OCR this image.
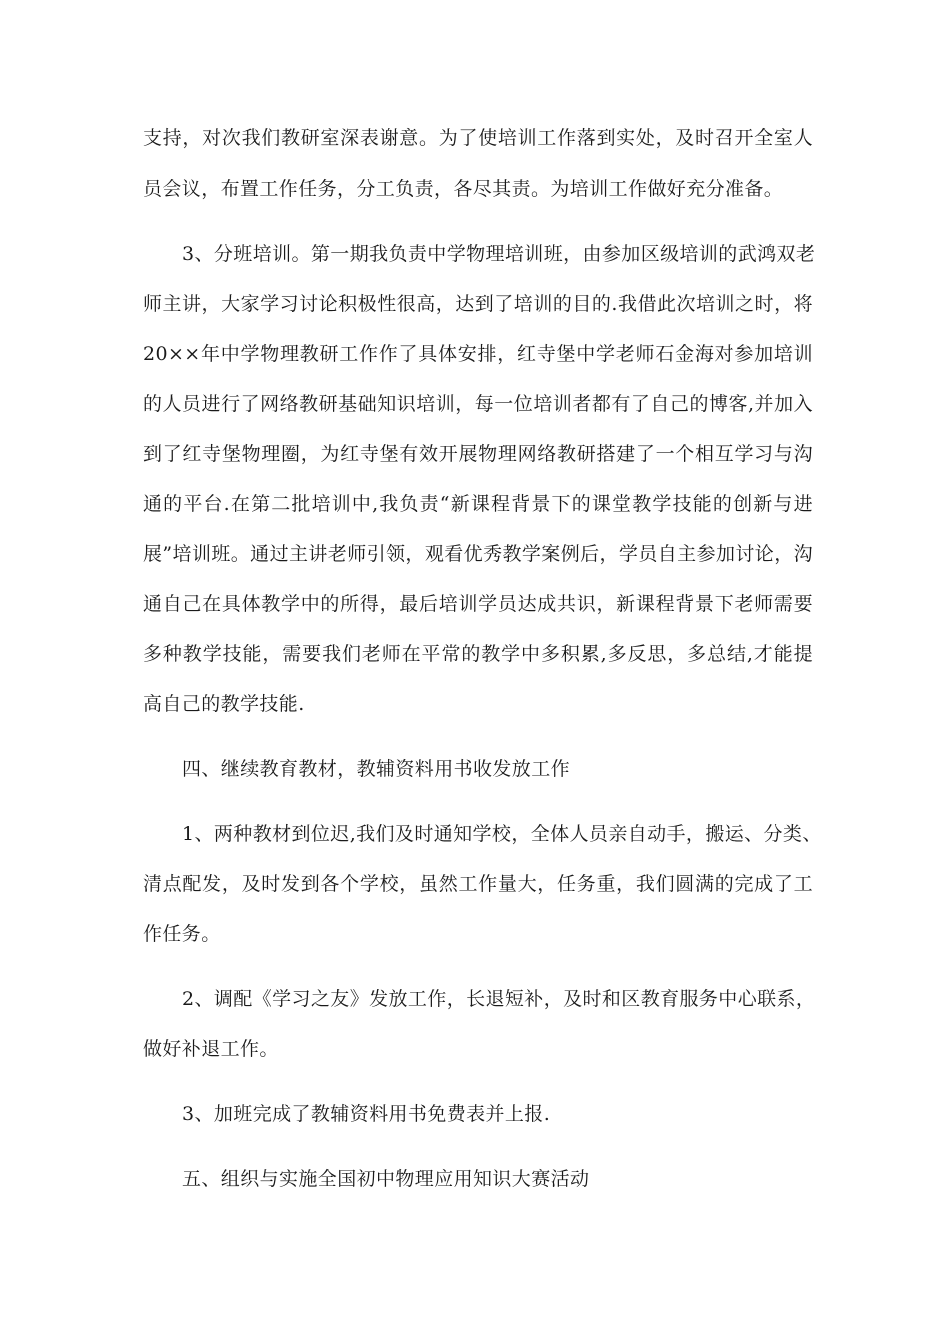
支持，对次我们教研室深表谢意。为了使培训工作落到实处，及时召开全室人
员会议，布置工作任务，分工负责，各尽其责。为培训工作做好充分准备。
3、分班培训。第一期我负责中学物理培训班，由参加区级培训的武鸿双老
师主讲，大家学习讨论积极性很高，达到了培训的目的.我借此次培训之时，将
20××年中学物理教研工作作了具体安排，红寺堡中学老师石金海对参加培训
的人员进行了网络教研基础知识培训，每一位培训者都有了自己的博客,并加入
到了红寺堡物理圈，为红寺堡有效开展物理网络教研搭建了一个相互学习与沟
通的平台.在第二批培训中,我负责“新课程背景下的课堂教学技能的创新与进
展”培训班。通过主讲老师引领，观看优秀教学案例后，学员自主参加讨论，沟
通自己在具体教学中的所得，最后培训学员达成共识，新课程背景下老师需要
多种教学技能，需要我们老师在平常的教学中多积累,多反思，多总结,才能提
高自己的教学技能.
四、继续教育教材，教辅资料用书收发放工作
1、两种教材到位迟,我们及时通知学校，全体人员亲自动手，搬运、分类、
清点配发，及时发到各个学校，虽然工作量大，任务重，我们圆满的完成了工
作任务。
2、调配《学习之友》发放工作，长退短补，及时和区教育服务中心联系，
做好补退工作。
3、加班完成了教辅资料用书免费表并上报.
五、组织与实施全国初中物理应用知识大赛活动
